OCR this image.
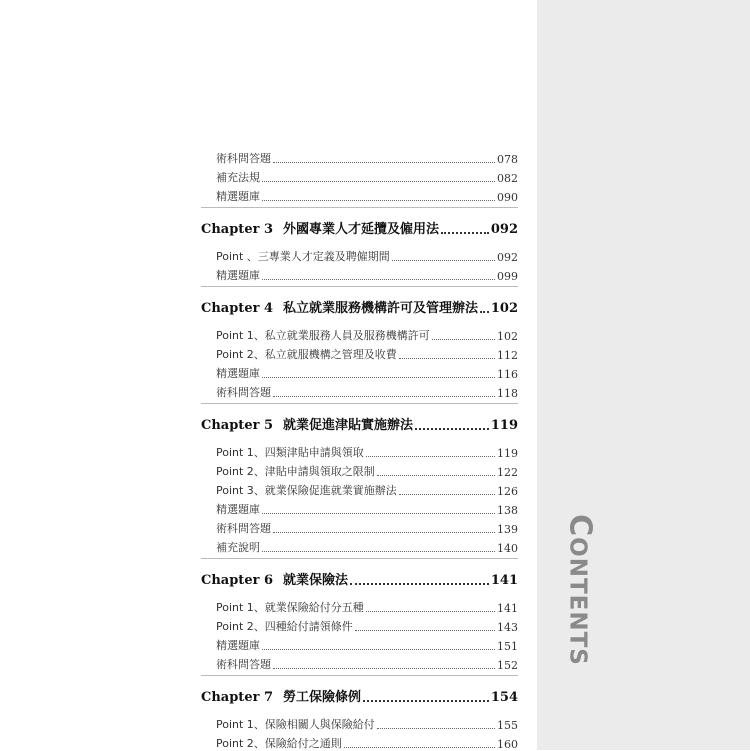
CONTENTS
術科問答題	078
補充法規	082
精選題庫	090
Chapter 3 外國專業人才延攬及僱用法	092
Point 、三專業人才定義及聘僱期間	092
精選題庫	099
Chapter 4 私立就業服務機構許可及管理辦法 102
Point 1、私立就業服務人員及服務機構許可	102
Point 2、私立就服機構之管理及收費	112
精選題庫	116
術科問答題	118
Chapter 5 就業促進津貼實施辦法	119
Point 1、四類津貼申請與領取	119
Point 2、津貼申請與領取之限制	122
Point 3、就業保險促進就業實施辦法	126
精選題庫	138
術科問答題	139
補充說明	140
Chapter 6 就業保險法	141
Point 1、就業保險給付分五種	141
Point 2、四種給付請領條件	143
精選題庫	151
術科問答題	152
Chapter 7 勞工保險條例	154
Point 1、保險相關人與保險給付	155
Point 2、保險給付之通則	160
